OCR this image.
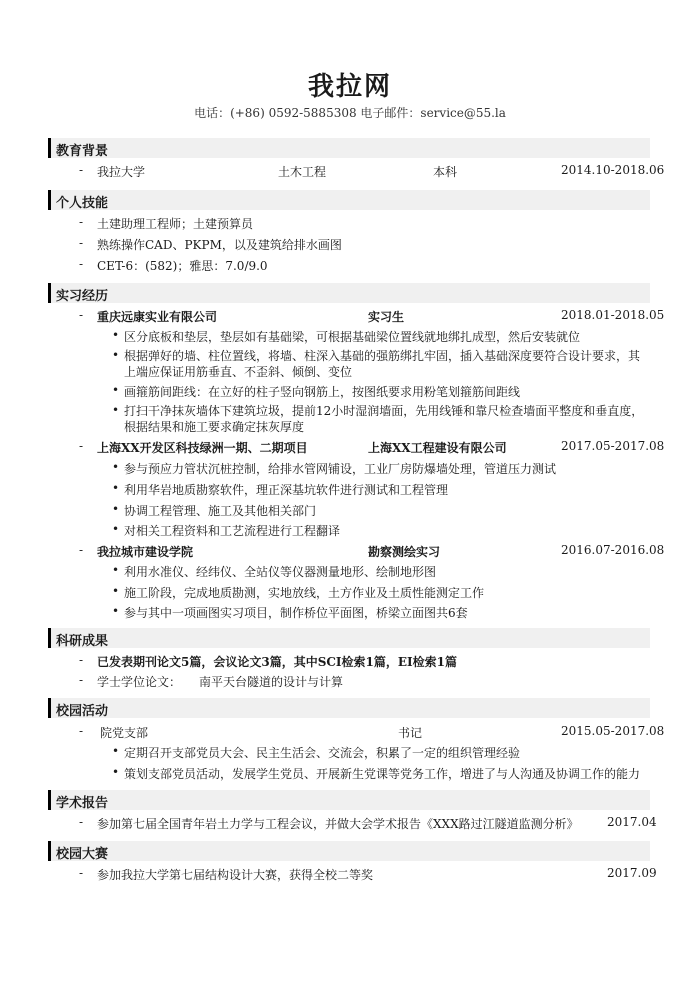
我拉网
电话：(+86) 0592-5885308 电子邮件：service@55.la
教育背景
- 我拉大学	土木工程	本科	2014.10-2018.06
个人技能
- 土建助理工程师；土建预算员
- 熟练操作CAD、PKPM，以及建筑给排水画图
- CET-6：(582)；雅思：7.0/9.0
实习经历
- 重庆远康实业有限公司	实习生	2018.01-2018.05
• 区分底板和垫层，垫层如有基础梁，可根据基础梁位置线就地绑扎成型，然后安装就位
• 根据弹好的墙、柱位置线，将墙、柱深入基础的强筋绑扎牢固，插入基础深度要符合设计要求，其上端应保证用筋垂直、不歪斜、倾倒、变位
• 画箍筋间距线：在立好的柱子竖向钢筋上，按图纸要求用粉笔划箍筋间距线
• 打扫干净抹灰墙体下建筑垃圾，提前12小时湿润墙面，先用线锤和靠尺检查墙面平整度和垂直度，根据结果和施工要求确定抹灰厚度
- 上海XX开发区科技绿洲一期、二期项目	上海XX工程建设有限公司	2017.05-2017.08
• 参与预应力管状沉桩控制，给排水管网铺设，工业厂房防爆墙处理，管道压力测试
• 利用华岩地质勘察软件，理正深基坑软件进行测试和工程管理
• 协调工程管理、施工及其他相关部门
• 对相关工程资料和工艺流程进行工程翻译
- 我拉城市建设学院	勘察测绘实习	2016.07-2016.08
• 利用水准仪、经纬仪、全站仪等仪器测量地形、绘制地形图
• 施工阶段，完成地质勘测，实地放线，土方作业及土质性能测定工作
• 参与其中一项画图实习项目，制作桥位平面图，桥梁立面图共6套
科研成果
- 已发表期刊论文5篇，会议论文3篇，其中SCI检索1篇，EI检索1篇
- 学士学位论文： 南平天台隧道的设计与计算
校园活动
- 院党支部	书记	2015.05-2017.08
• 定期召开支部党员大会、民主生活会、交流会，积累了一定的组织管理经验
• 策划支部党员活动，发展学生党员、开展新生党课等党务工作，增进了与人沟通及协调工作的能力
学术报告
- 参加第七届全国青年岩土力学与工程会议，并做大会学术报告《XXX路过江隧道监测分析》 2017.04
校园大赛
- 参加我拉大学第七届结构设计大赛，获得全校二等奖	2017.09
